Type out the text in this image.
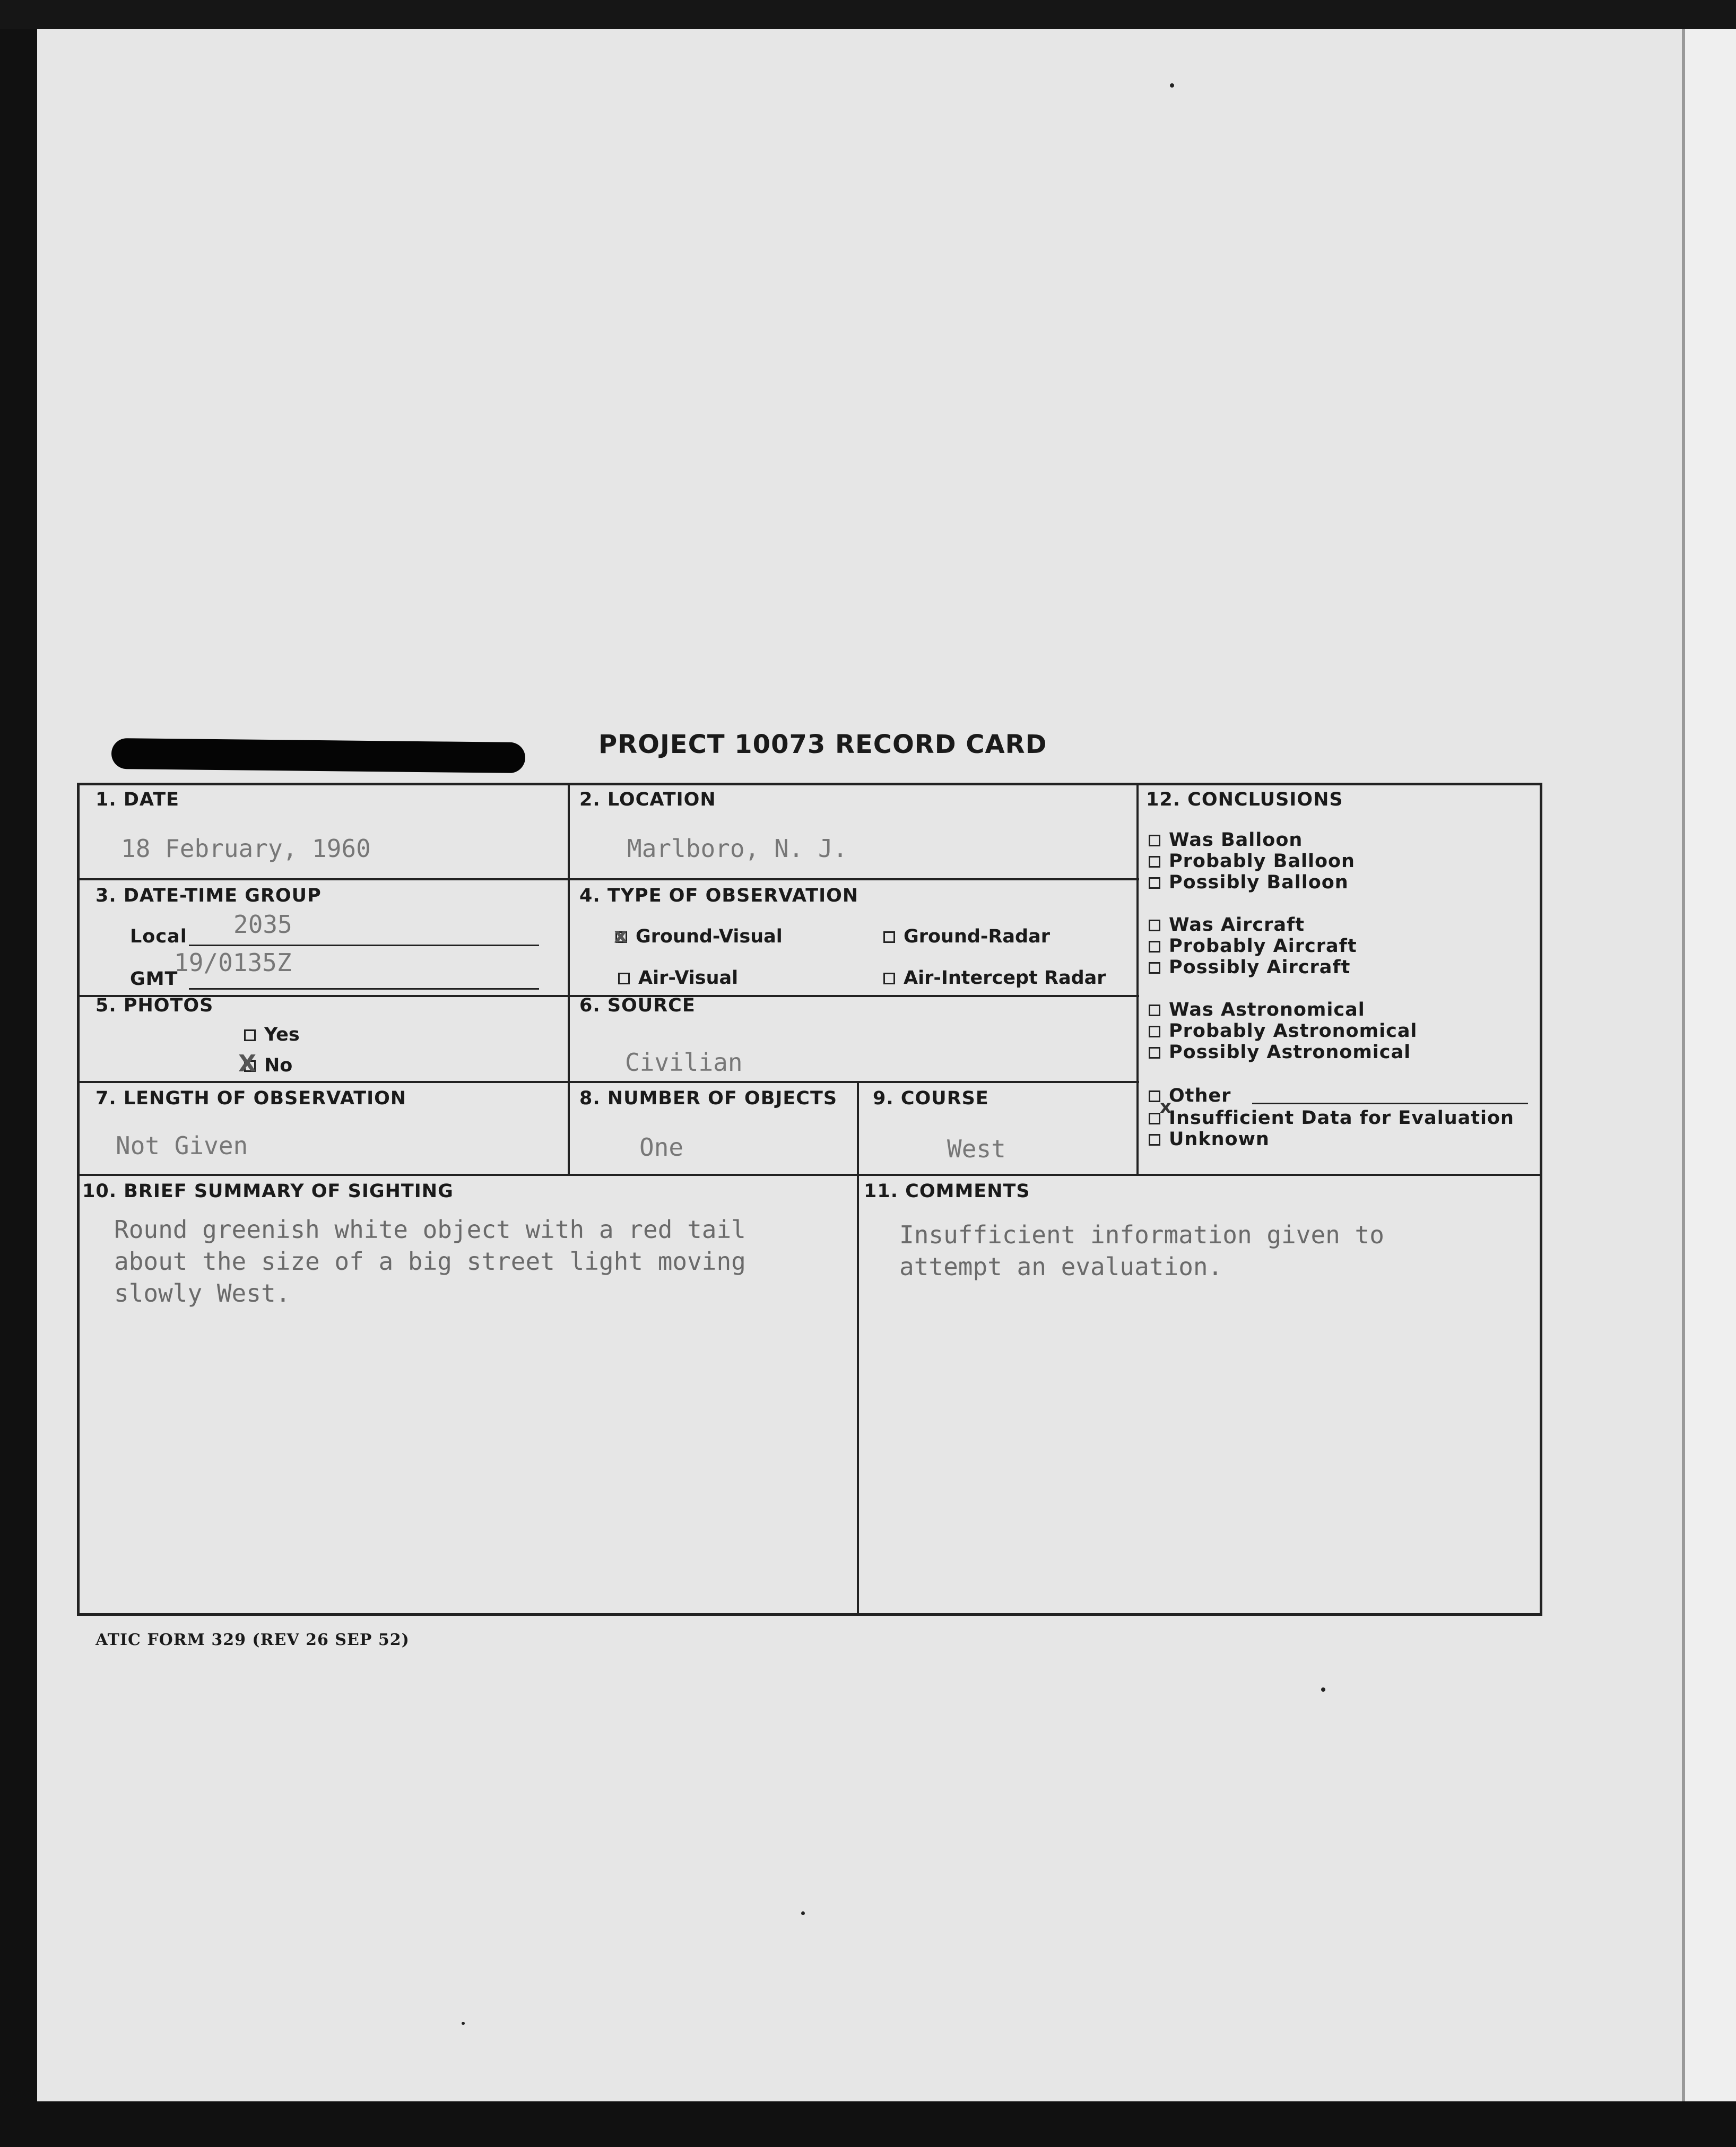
PROJECT 10073 RECORD CARD
1. DATE
18 February, 1960
2. LOCATION
Marlboro, N. J.
3. DATE-TIME GROUP
Local 2035
GMT
19/0135Z
4. TYPE OF OBSERVATION
x Ground-Visual	Ground-Radar
Air-Visual	Air-Intercept Radar
5. PHOTOS
Yes
X No
6. SOURCE
Civilian
7. LENGTH OF OBSERVATION
Not Given
8. NUMBER OF OBJECTS
One
9. COURSE
West
10. BRIEF SUMMARY OF SIGHTING
Round greenish white object with a red tail
about the size of a big street light moving
slowly West.
11. COMMENTS
Insufficient information given to
attempt an evaluation.
12. CONCLUSIONS
Was Balloon
Probably Balloon
Possibly Balloon
Was Aircraft
Probably Aircraft
Possibly Aircraft
Was Astronomical
Probably Astronomical
Possibly Astronomical
Other
x
Insufficient Data for Evaluation
Unknown
ATIC FORM 329 (REV 26 SEP 52)
